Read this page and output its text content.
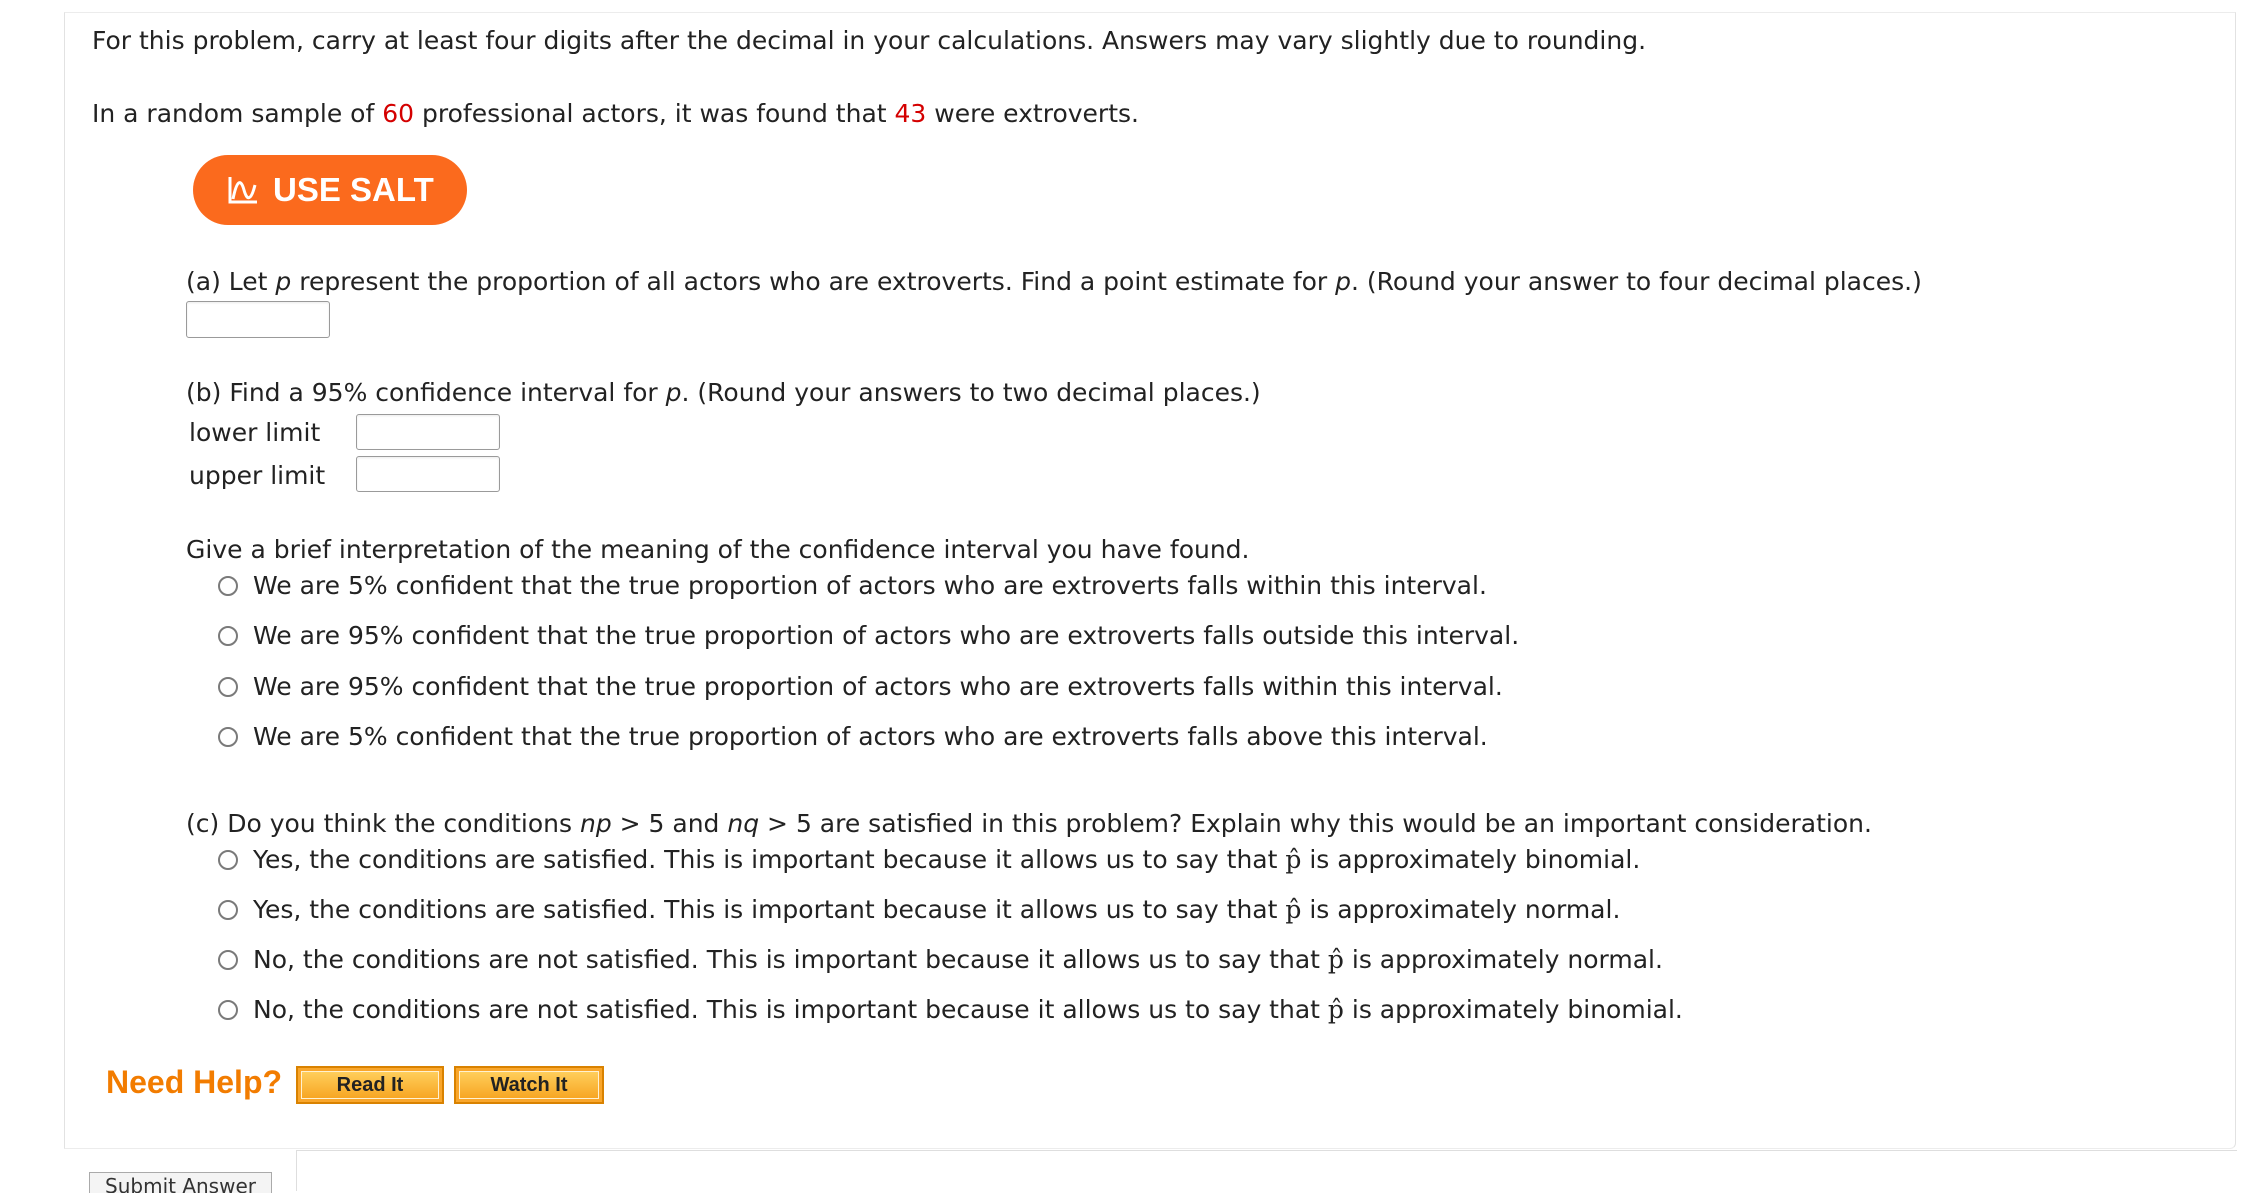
For this problem, carry at least four digits after the decimal in your calculations. Answers may vary slightly due to rounding.
In a random sample of 60 professional actors, it was found that 43 were extroverts.
USE SALT
(a) Let p represent the proportion of all actors who are extroverts. Find a point estimate for p. (Round your answer to four decimal places.)
(b) Find a 95% confidence interval for p. (Round your answers to two decimal places.)
lower limit
upper limit
Give a brief interpretation of the meaning of the confidence interval you have found.
We are 5% confident that the true proportion of actors who are extroverts falls within this interval.
We are 95% confident that the true proportion of actors who are extroverts falls outside this interval.
We are 95% confident that the true proportion of actors who are extroverts falls within this interval.
We are 5% confident that the true proportion of actors who are extroverts falls above this interval.
(c) Do you think the conditions np > 5 and nq > 5 are satisfied in this problem? Explain why this would be an important consideration.
Yes, the conditions are satisfied. This is important because it allows us to say that p̂ is approximately binomial.
Yes, the conditions are satisfied. This is important because it allows us to say that p̂ is approximately normal.
No, the conditions are not satisfied. This is important because it allows us to say that p̂ is approximately normal.
No, the conditions are not satisfied. This is important because it allows us to say that p̂ is approximately binomial.
Need Help?	Read It	Watch It
Submit Answer
